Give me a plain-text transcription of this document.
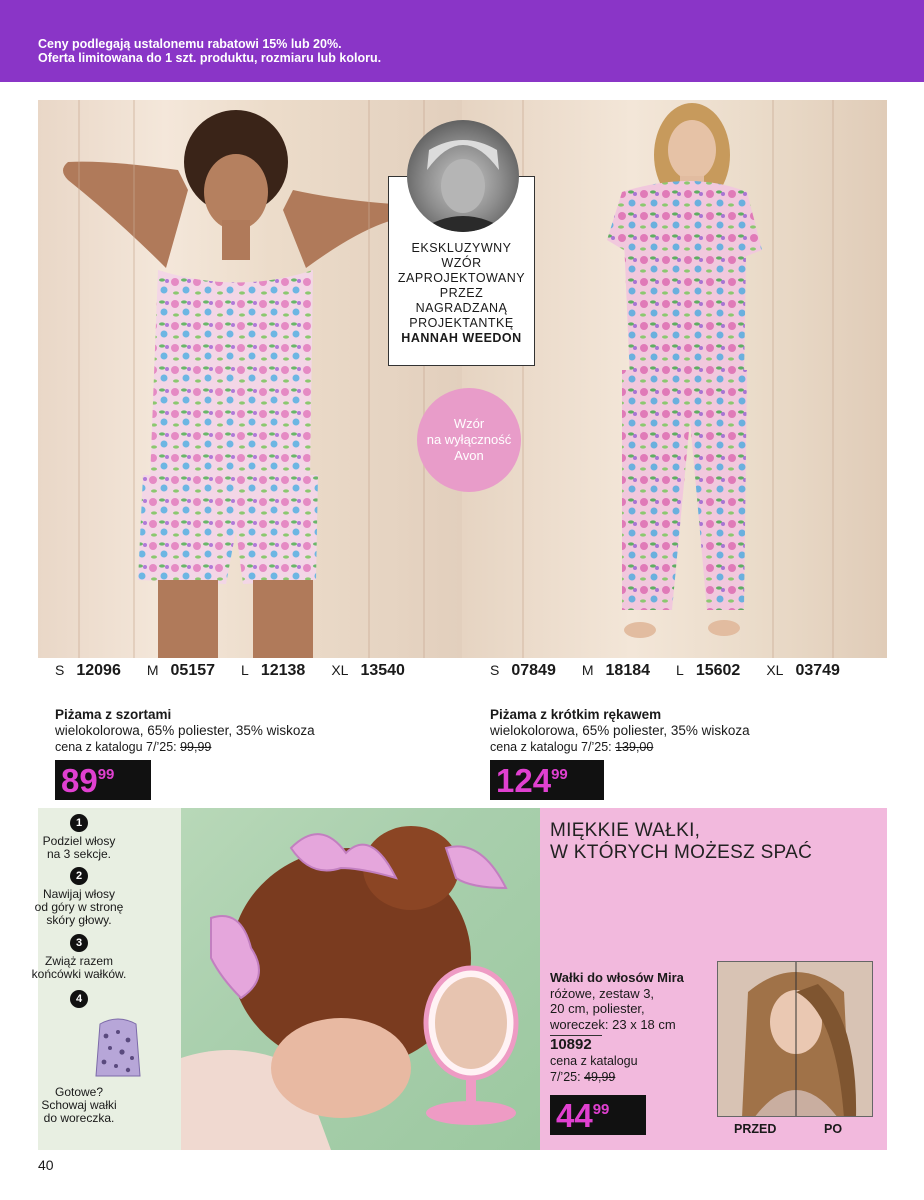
Ceny podlegają ustalonemu rabatowi 15% lub 20%.
Oferta limitowana do 1 szt. produktu, rozmiaru lub koloru.
EKSKLUZYWNY
WZÓR
ZAPROJEKTOWANY
PRZEZ
NAGRADZANĄ
PROJEKTANTKĘ
HANNAH WEEDON
Wzór
na wyłączność
Avon
S 12096 M 05157 L 12138 XL 13540	S 07849 M 18184 L 15602 XL 03749
Piżama z szortami
wielokolorowa, 65% poliester, 35% wiskoza
cena z katalogu 7/’25: 99,99
89 99
Piżama z krótkim rękawem
wielokolorowa, 65% poliester, 35% wiskoza
cena z katalogu 7/’25: 139,00
124 99
1
Podziel włosy
na 3 sekcje.
2
Nawijaj włosy
od góry w stronę
skóry głowy.
3
Zwiąż razem
końcówki wałków.
4
Gotowe?
Schowaj wałki
do woreczka.
MIĘKKIE WAŁKI,
W KTÓRYCH MOŻESZ SPAĆ
Wałki do włosów Mira
różowe, zestaw 3,
20 cm, poliester,
woreczek: 23 x 18 cm
10892
cena z katalogu
7/’25: 49,99
44 99
PRZED	PO
40
